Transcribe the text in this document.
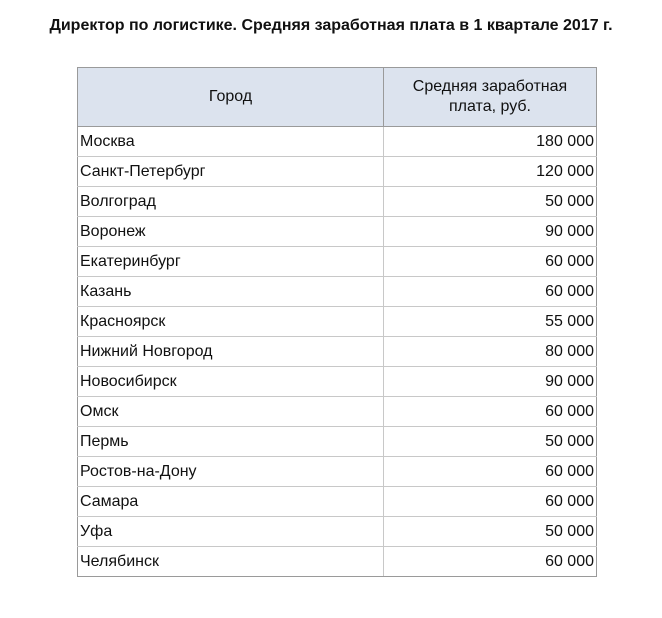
Директор по логистике. Средняя заработная плата в 1 квартале 2017 г.
Город	Средняя заработная плата, руб.
Москва	180 000
Санкт-Петербург	120 000
Волгоград	50 000
Воронеж	90 000
Екатеринбург	60 000
Казань	60 000
Красноярск	55 000
Нижний Новгород	80 000
Новосибирск	90 000
Омск	60 000
Пермь	50 000
Ростов-на-Дону	60 000
Самара	60 000
Уфа	50 000
Челябинск	60 000
